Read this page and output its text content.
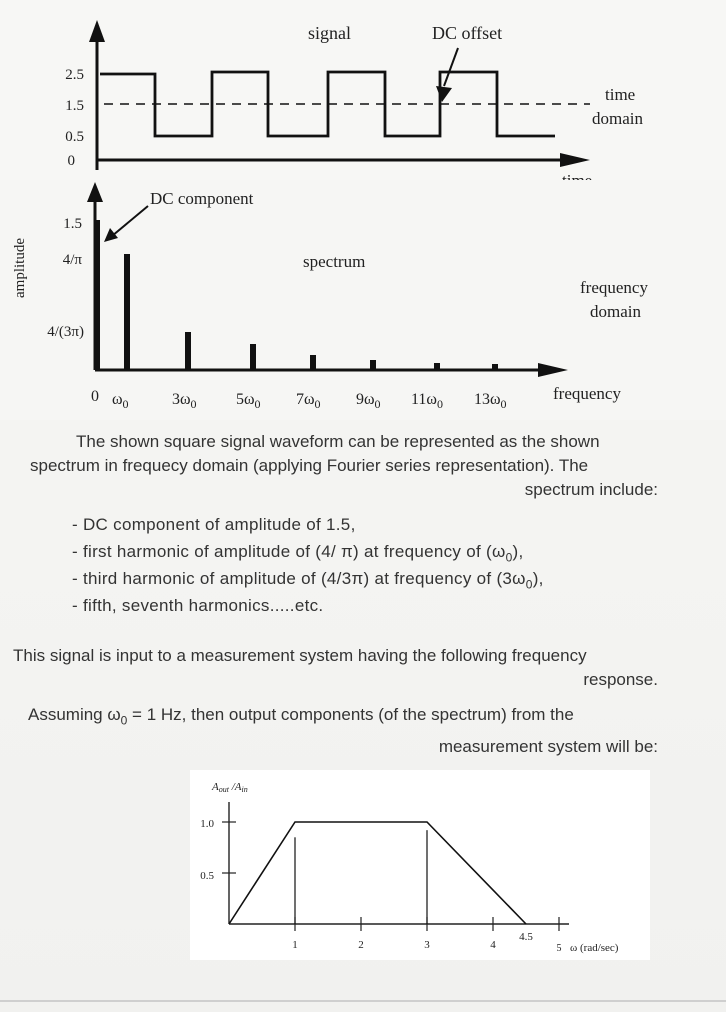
2.5
1.5
0.5
0
signal	DC offset
time
domain
amplitude
1.5
4/π
4/(3π)
DC component
spectrum
frequency
domain
frequency
0 $\omega_0$	$3\omega_0$ $5\omega_0$ $7\omega_0$ $9\omega_0$ $11\omega_0$ $13\omega_0$
The shown square signal waveform can be represented as the shown
spectrum in frequecy domain (applying Fourier series representation). The
spectrum include:
- DC component of amplitude of 1.5,
- first harmonic of amplitude of (4/ π) at frequency of $(\omega_0)$,
- third harmonic of amplitude of (4/3π) at frequency of $(3\omega_0)$,
- fifth, seventh harmonics.....etc.
This signal is input to a measurement system having the following frequency
response.
Assuming $\omega_0 = 1$ Hz, then output components (of the spectrum) from the
measurement system will be:
Aout /Ain
1.0
0.5
1	2	3	4
4.5
5 ω (rad/sec)
